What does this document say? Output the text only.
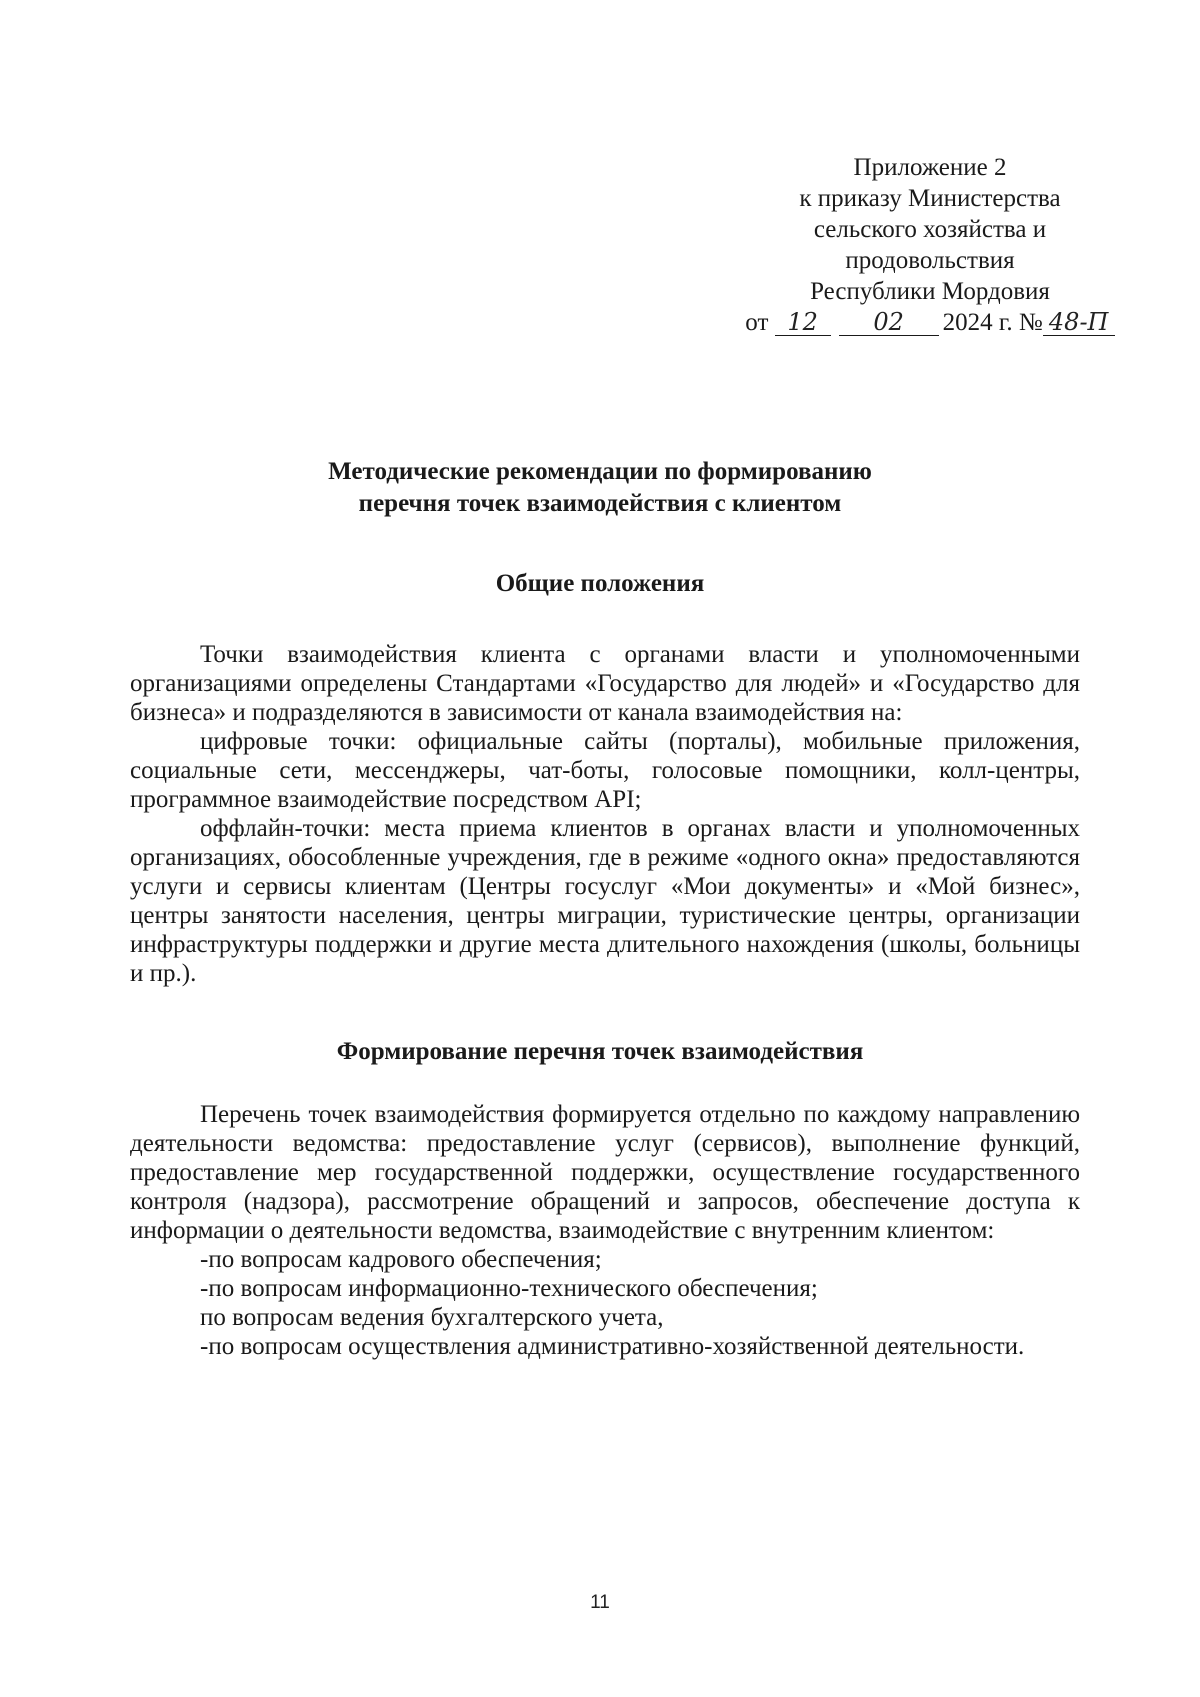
Приложение 2
к приказу Министерства
сельского хозяйства и
продовольствия
Республики Мордовия
от 12 02 2024 г. № 48-П
Методические рекомендации по формированию
перечня точек взаимодействия с клиентом
Общие положения

Точки взаимодействия клиента с органами власти и уполномоченными организациями определены Стандартами «Государство для людей» и «Государство для бизнеса» и подразделяются в зависимости от канала взаимодействия на:

цифровые точки: официальные сайты (порталы), мобильные приложения, социальные сети, мессенджеры, чат-боты, голосовые помощники, колл-центры, программное взаимодействие посредством API;

оффлайн-точки: места приема клиентов в органах власти и уполномоченных организациях, обособленные учреждения, где в режиме «одного окна» предоставляются услуги и сервисы клиентам (Центры госуслуг «Мои документы» и «Мой бизнес», центры занятости населения, центры миграции, туристические центры, организации инфраструктуры поддержки и другие места длительного нахождения (школы, больницы и пр.).

Формирование перечня точек взаимодействия

Перечень точек взаимодействия формируется отдельно по каждому направлению деятельности ведомства: предоставление услуг (сервисов), выполнение функций, предоставление мер государственной поддержки, осуществление государственного контроля (надзора), рассмотрение обращений и запросов, обеспечение доступа к информации о деятельности ведомства, взаимодействие с внутренним клиентом:

-по вопросам кадрового обеспечения;

-по вопросам информационно-технического обеспечения;

по вопросам ведения бухгалтерского учета,

-по вопросам осуществления административно-хозяйственной деятельности.

11
